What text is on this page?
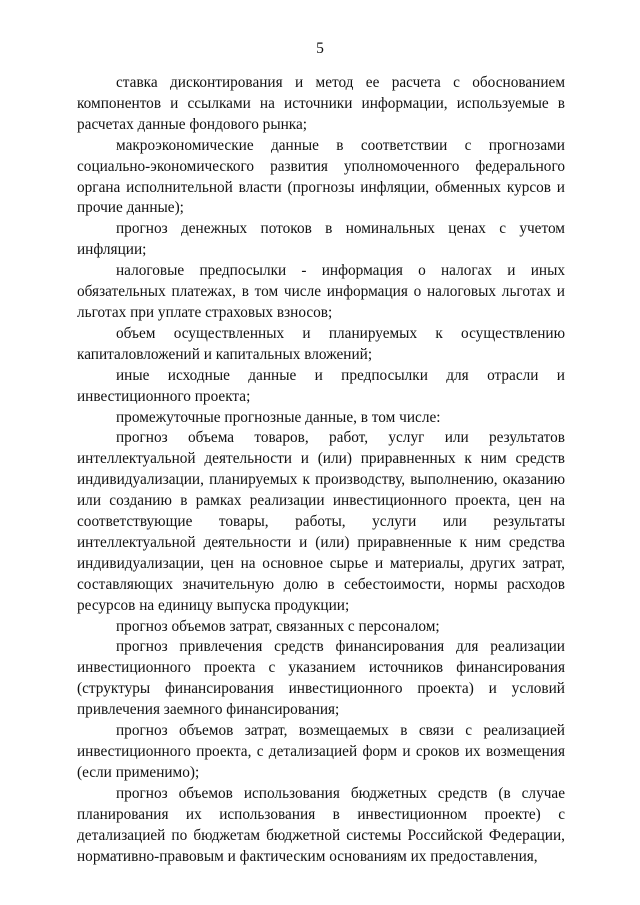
5

ставка дисконтирования и метод ее расчета с обоснованием компонентов и ссылками на источники информации, используемые в расчетах данные фондового рынка;

макроэкономические данные в соответствии с прогнозами социально-экономического развития уполномоченного федерального органа исполнительной власти (прогнозы инфляции, обменных курсов и прочие данные);

прогноз денежных потоков в номинальных ценах с учетом инфляции;

налоговые предпосылки - информация о налогах и иных обязательных платежах, в том числе информация о налоговых льготах и льготах при уплате страховых взносов;

объем осуществленных и планируемых к осуществлению капиталовложений и капитальных вложений;

иные исходные данные и предпосылки для отрасли и инвестиционного проекта;

промежуточные прогнозные данные, в том числе:

прогноз объема товаров, работ, услуг или результатов интеллектуальной деятельности и (или) приравненных к ним средств индивидуализации, планируемых к производству, выполнению, оказанию или созданию в рамках реализации инвестиционного проекта, цен на соответствующие товары, работы, услуги или результаты интеллектуальной деятельности и (или) приравненные к ним средства индивидуализации, цен на основное сырье и материалы, других затрат, составляющих значительную долю в себестоимости, нормы расходов ресурсов на единицу выпуска продукции;

прогноз объемов затрат, связанных с персоналом;

прогноз привлечения средств финансирования для реализации инвестиционного проекта с указанием источников финансирования (структуры финансирования инвестиционного проекта) и условий привлечения заемного финансирования;

прогноз объемов затрат, возмещаемых в связи с реализацией инвестиционного проекта, с детализацией форм и сроков их возмещения (если применимо);

прогноз объемов использования бюджетных средств (в случае планирования их использования в инвестиционном проекте) с детализацией по бюджетам бюджетной системы Российской Федерации, нормативно-правовым и фактическим основаниям их предоставления,
